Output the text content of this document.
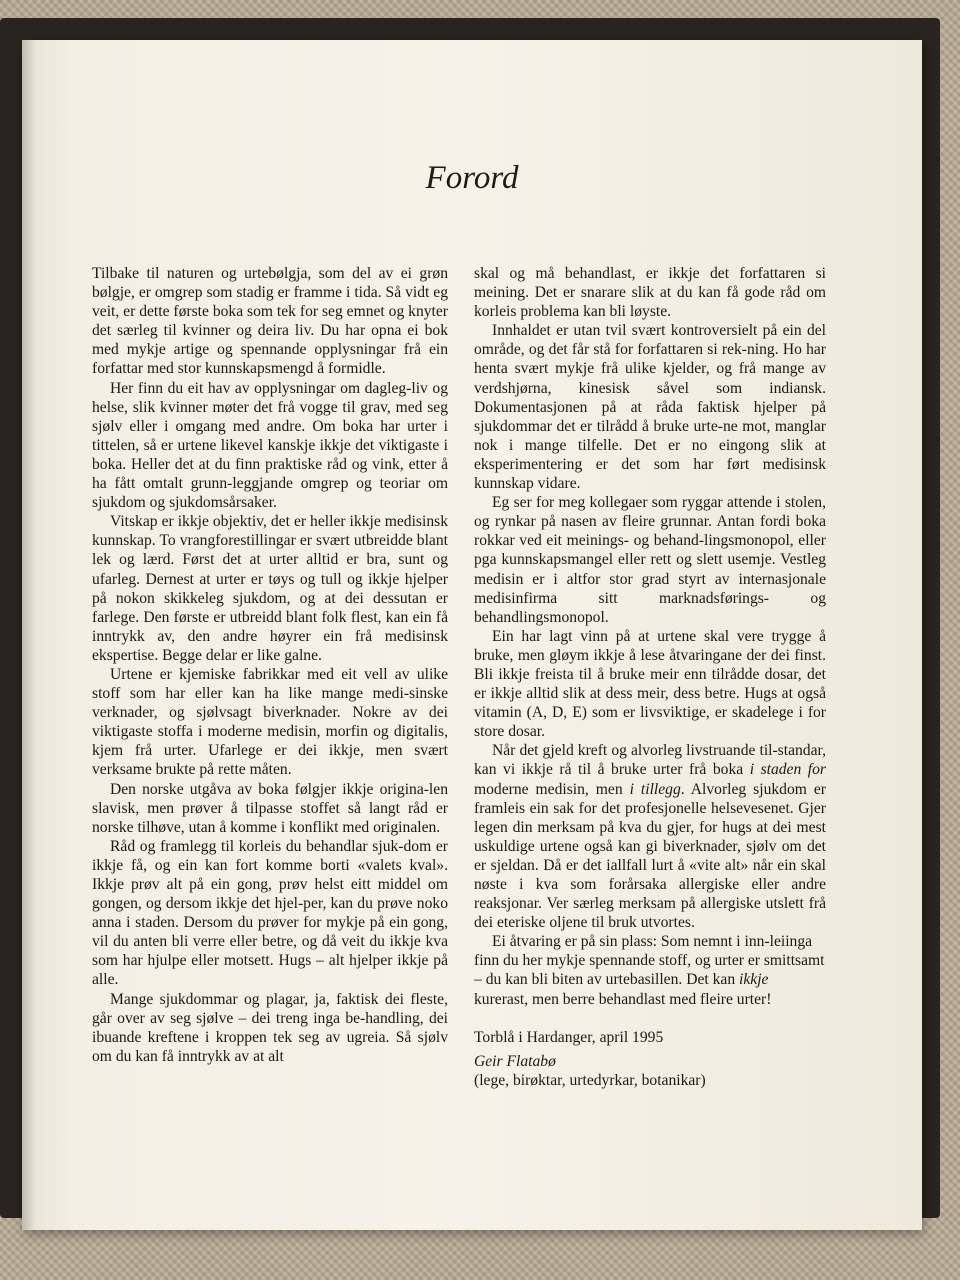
Forord

Tilbake til naturen og urtebølgja, som del av ei grøn bølgje, er omgrep som stadig er framme i tida. Så vidt eg veit, er dette første boka som tek for seg emnet og knyter det særleg til kvinner og deira liv. Du har opna ei bok med mykje artige og spennande opplysningar frå ein forfattar med stor kunnskapsmengd å formidle.

Her finn du eit hav av opplysningar om dagleg-liv og helse, slik kvinner møter det frå vogge til grav, med seg sjølv eller i omgang med andre. Om boka har urter i tittelen, så er urtene likevel kanskje ikkje det viktigaste i boka. Heller det at du finn praktiske råd og vink, etter å ha fått omtalt grunn-leggjande omgrep og teoriar om sjukdom og sjukdomsårsaker.

Vitskap er ikkje objektiv, det er heller ikkje medisinsk kunnskap. To vrangforestillingar er svært utbreidde blant lek og lærd. Først det at urter alltid er bra, sunt og ufarleg. Dernest at urter er tøys og tull og ikkje hjelper på nokon skikkeleg sjukdom, og at dei dessutan er farlege. Den første er utbreidd blant folk flest, kan ein få inntrykk av, den andre høyrer ein frå medisinsk ekspertise. Begge delar er like galne.

Urtene er kjemiske fabrikkar med eit vell av ulike stoff som har eller kan ha like mange medi-sinske verknader, og sjølvsagt biverknader. Nokre av dei viktigaste stoffa i moderne medisin, morfin og digitalis, kjem frå urter. Ufarlege er dei ikkje, men svært verksame brukte på rette måten.

Den norske utgåva av boka følgjer ikkje origina-len slavisk, men prøver å tilpasse stoffet så langt råd er norske tilhøve, utan å komme i konflikt med originalen.

Råd og framlegg til korleis du behandlar sjuk-dom er ikkje få, og ein kan fort komme borti «valets kval». Ikkje prøv alt på ein gong, prøv helst eitt middel om gongen, og dersom ikkje det hjel-per, kan du prøve noko anna i staden. Dersom du prøver for mykje på ein gong, vil du anten bli verre eller betre, og då veit du ikkje kva som har hjulpe eller motsett. Hugs – alt hjelper ikkje på alle.

Mange sjukdommar og plagar, ja, faktisk dei fleste, går over av seg sjølve – dei treng inga be-handling, dei ibuande kreftene i kroppen tek seg av ugreia. Så sjølv om du kan få inntrykk av at alt

skal og må behandlast, er ikkje det forfattaren si meining. Det er snarare slik at du kan få gode råd om korleis problema kan bli løyste.

Innhaldet er utan tvil svært kontroversielt på ein del område, og det får stå for forfattaren si rek-ning. Ho har henta svært mykje frå ulike kjelder, og frå mange av verdshjørna, kinesisk såvel som indiansk. Dokumentasjonen på at råda faktisk hjelper på sjukdommar det er tilrådd å bruke urte-ne mot, manglar nok i mange tilfelle. Det er no eingong slik at eksperimentering er det som har ført medisinsk kunnskap vidare.

Eg ser for meg kollegaer som ryggar attende i stolen, og rynkar på nasen av fleire grunnar. Antan fordi boka rokkar ved eit meinings- og behand-lingsmonopol, eller pga kunnskapsmangel eller rett og slett usemje. Vestleg medisin er i altfor stor grad styrt av internasjonale medisinfirma sitt marknadsførings- og behandlingsmonopol.

Ein har lagt vinn på at urtene skal vere trygge å bruke, men gløym ikkje å lese åtvaringane der dei finst. Bli ikkje freista til å bruke meir enn tilrådde dosar, det er ikkje alltid slik at dess meir, dess betre. Hugs at også vitamin (A, D, E) som er livsviktige, er skadelege i for store dosar.

Når det gjeld kreft og alvorleg livstruande til-standar, kan vi ikkje rå til å bruke urter frå boka i staden for moderne medisin, men i tillegg. Alvorleg sjukdom er framleis ein sak for det profesjonelle helsevesenet. Gjer legen din merksam på kva du gjer, for hugs at dei mest uskuldige urtene også kan gi biverknader, sjølv om det er sjeldan. Då er det iallfall lurt å «vite alt» når ein skal nøste i kva som forårsaka allergiske eller andre reaksjonar. Ver særleg merksam på allergiske utslett frå dei eteriske oljene til bruk utvortes.

Ei åtvaring er på sin plass: Som nemnt i inn-leiinga finn du her mykje spennande stoff, og urter er smittsamt – du kan bli biten av urtebasillen. Det kan ikkje kurerast, men berre behandlast med fleire urter!

Torblå i Hardanger, april 1995
Geir Flatabø
(lege, birøktar, urtedyrkar, botanikar)
